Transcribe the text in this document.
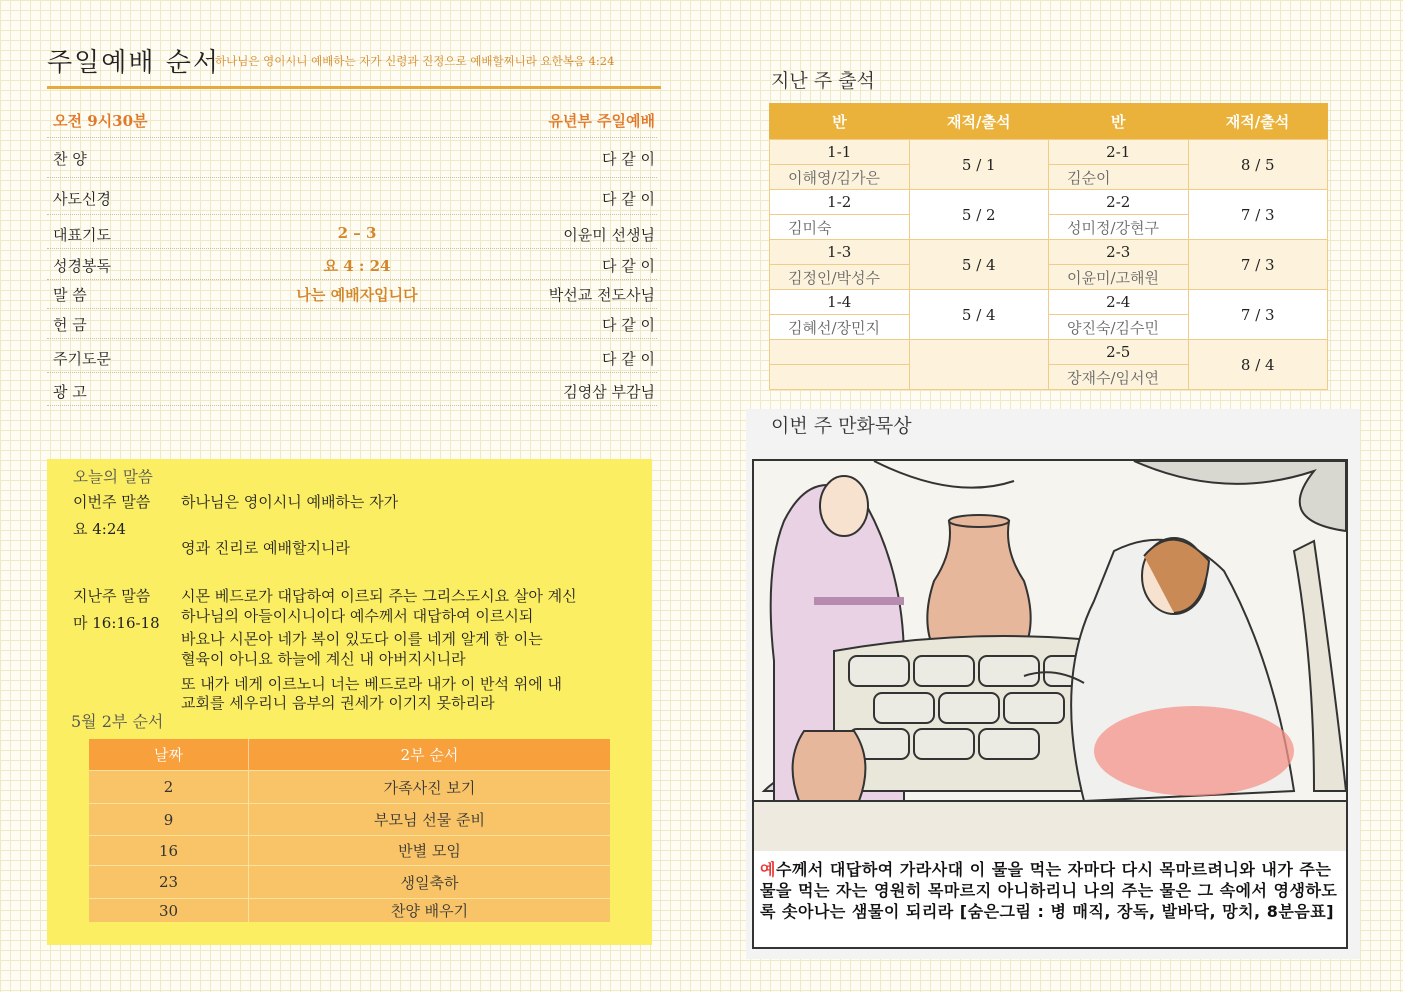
주일예배 순서
하나님은 영이시니 예배하는 자가 신령과 진정으로 예배할찌니라 요한복음 4:24
오전 9시30분	유년부 주일예배
찬 양	다 같 이
사도신경	다 같 이
대표기도	2 – 3	이윤미 선생님
성경봉독	요 4 : 24	다 같 이
말 씀	나는 예배자입니다	박선교 전도사님
헌 금	다 같 이
주기도문	다 같 이
광 고	김영삼 부감님
오늘의 말씀
이번주 말씀 하나님은 영이시니 예배하는 자가
요 4:24
영과 진리로 예배할지니라
지난주 말씀
마 16:16-18
시몬 베드로가 대답하여 이르되 주는 그리스도시요 살아 계신
하나님의 아들이시니이다 예수께서 대답하여 이르시되
바요나 시몬아 네가 복이 있도다 이를 네게 알게 한 이는
혈육이 아니요 하늘에 계신 내 아버지시니라
또 내가 네게 이르노니 너는 베드로라 내가 이 반석 위에 내
교회를 세우리니 음부의 권세가 이기지 못하리라
5월 2부 순서
날짜	2부 순서
2	가족사진 보기
9	부모님 선물 준비
16	반별 모임
23	생일축하
30	찬양 배우기
지난 주 출석
반	재적/출석	반	재적/출석
1-1	5 / 1	2-1	8 / 5
이해영/김가은		김순이	
1-2	5 / 2	2-2	7 / 3
김미숙		성미정/강현구	
1-3	5 / 4	2-3	7 / 3
김정인/박성수		이윤미/고해원	
1-4	5 / 4	2-4	7 / 3
김혜선/장민지		양진숙/김수민	
		2-5	8 / 4
		장재수/임서연	
이번 주 만화묵상
예수께서 대답하여 가라사대 이 물을 먹는 자마다 다시 목마르려니와 내가 주는 물을 먹는 자는 영원히 목마르지 아니하리니 나의 주는 물은 그 속에서 영생하도록 솟아나는 샘물이 되리라 [숨은그림 : 병 매직, 장독, 발바닥, 망치, 8분음표]
